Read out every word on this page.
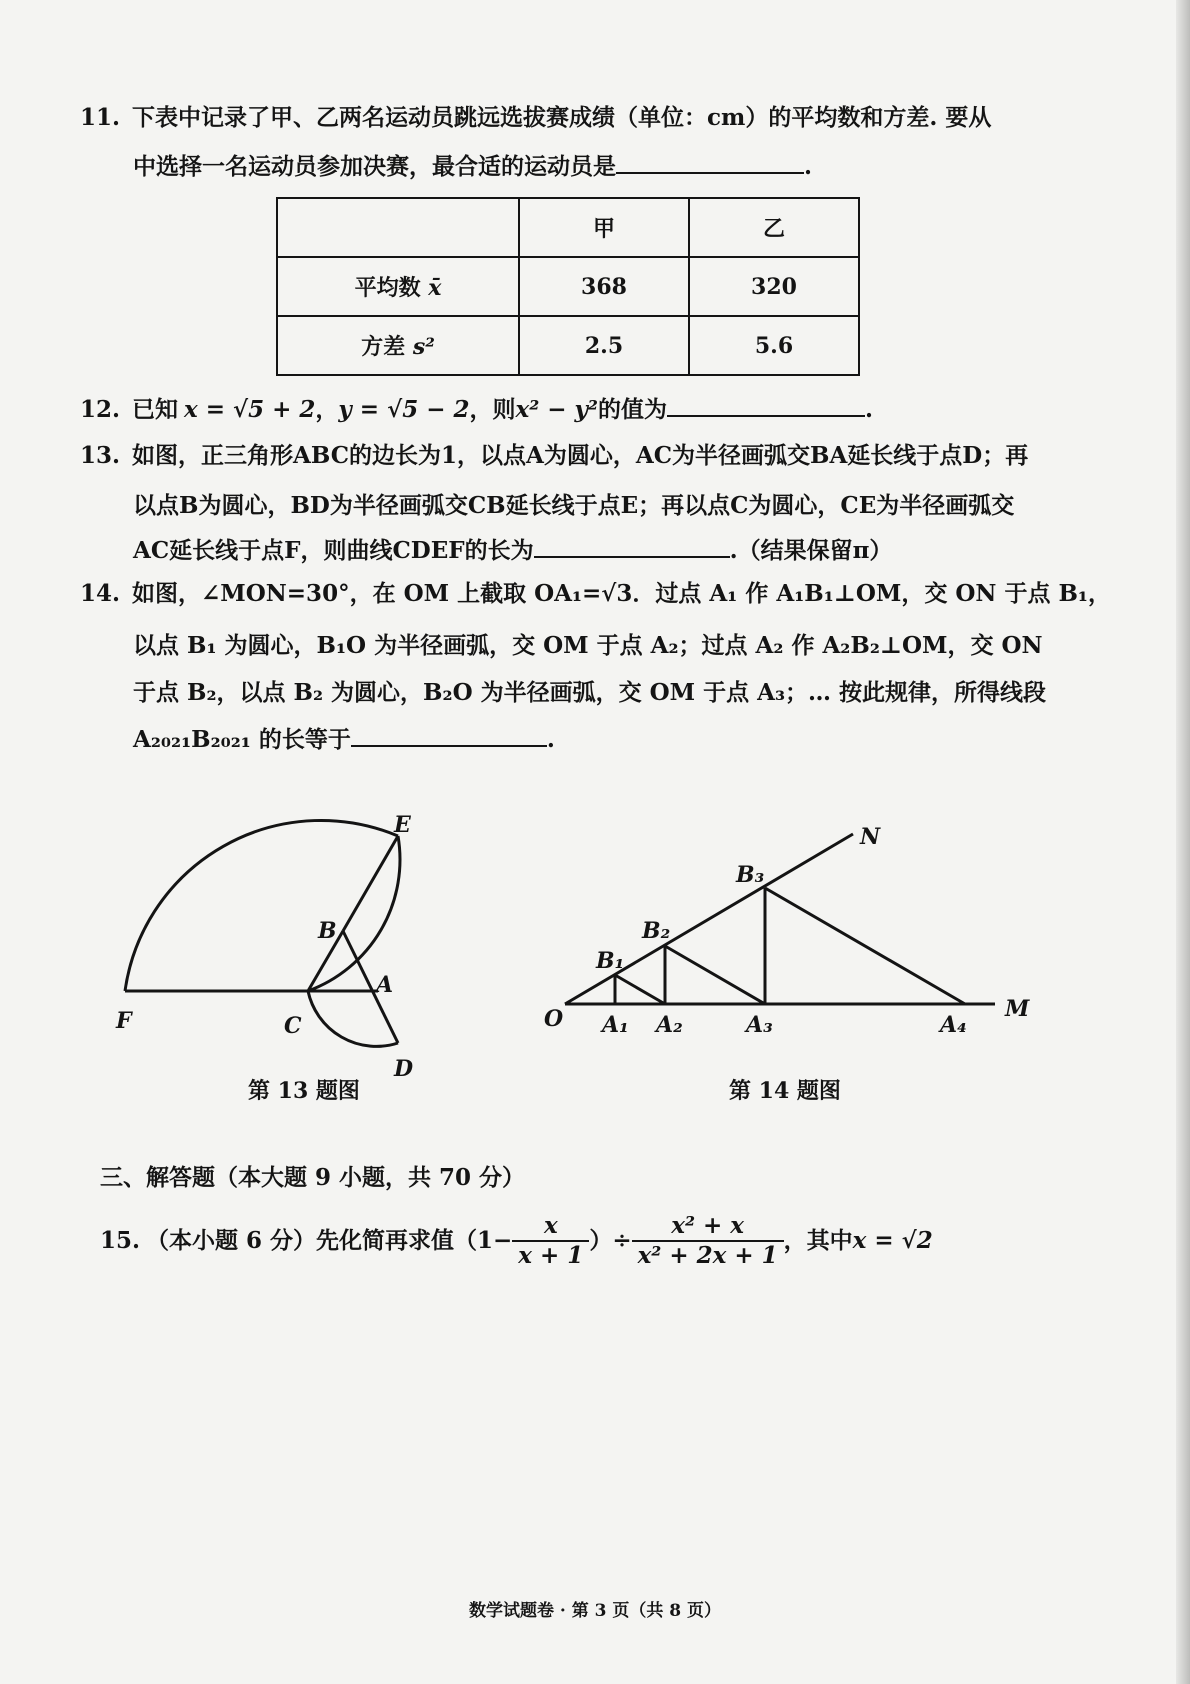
11. 下表中记录了甲、乙两名运动员跳远选拔赛成绩（单位：cm）的平均数和方差. 要从
中选择一名运动员参加决赛，最合适的运动员是	.
	甲	乙
平均数 x̄	368	320
方差 s²	2.5	5.6
12. 已知 x = √5 + 2，y = √5 − 2，则x² − y²的值为	.
13. 如图，正三角形ABC的边长为1，以点A为圆心，AC为半径画弧交BA延长线于点D；再
以点B为圆心，BD为半径画弧交CB延长线于点E；再以点C为圆心，CE为半径画弧交
AC延长线于点F，则曲线CDEF的长为	.（结果保留π）
14. 如图，∠MON=30°，在 OM 上截取 OA₁=√3．过点 A₁ 作 A₁B₁⊥OM，交 ON 于点 B₁，
以点 B₁ 为圆心，B₁O 为半径画弧，交 OM 于点 A₂；过点 A₂ 作 A₂B₂⊥OM，交 ON
于点 B₂，以点 B₂ 为圆心，B₂O 为半径画弧，交 OM 于点 A₃；… 按此规律，所得线段
A₂₀₂₁B₂₀₂₁ 的长等于	.
E
B
A
F	C
D
第 13 题图
N
M
O
B₁
B₂
B₃
A₁ A₂	A₃	A₄
第 14 题图
三、解答题（本大题 9 小题，共 70 分）
15. （本小题 6 分）先化简再求值（$1- \frac{x}{x + 1}$ ）÷ $\frac{\text{x² + x}}{\text{x² + 2x + 1}}$ ，其中x = √2
数学试题卷 · 第 3 页（共 8 页）
